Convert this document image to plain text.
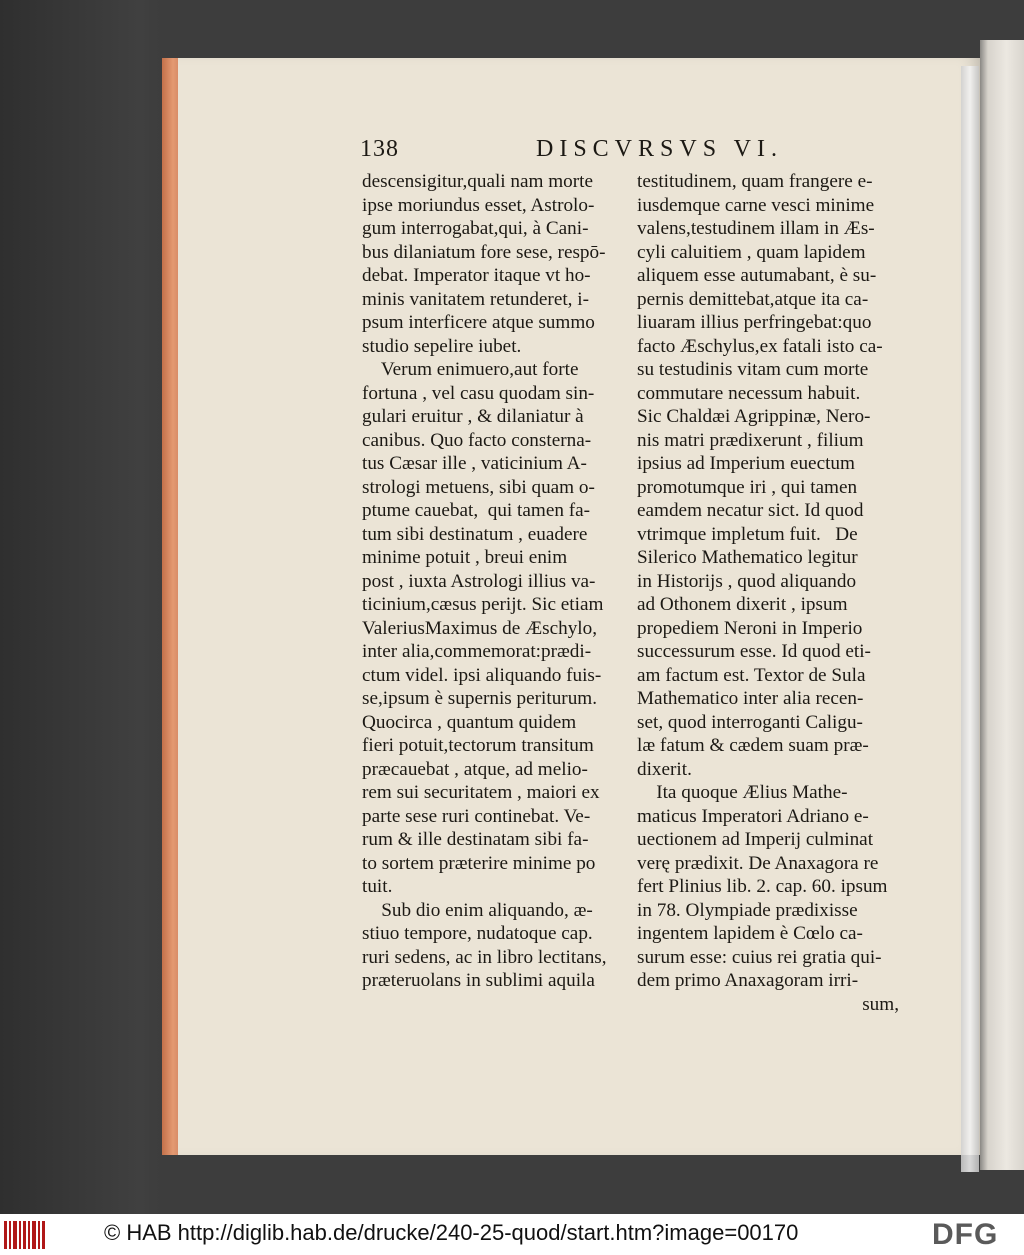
138	DISCVRSVS VI.
descensigitur,quali nam morte
ipse moriundus esset, Astrolo-
gum interrogabat,qui, à Cani-
bus dilaniatum fore sese, respō-
debat. Imperator itaque vt ho-
minis vanitatem retunderet, i-
psum interficere atque summo
studio sepelire iubet.
Verum enimuero,aut forte
fortuna , vel casu quodam sin-
gulari eruitur , & dilaniatur à
canibus. Quo facto consterna-
tus Cæsar ille , vaticinium A-
strologi metuens, sibi quam o-
ptume cauebat,  qui tamen fa-
tum sibi destinatum , euadere
minime potuit , breui enim
post , iuxta Astrologi illius va-
ticinium,cæsus perijt. Sic etiam
ValeriusMaximus de Æschylo,
inter alia,commemorat:prædi-
ctum videl. ipsi aliquando fuis-
se,ipsum è supernis periturum.
Quocirca , quantum quidem
fieri potuit,tectorum transitum
præcauebat , atque, ad melio-
rem sui securitatem , maiori ex
parte sese ruri continebat. Ve-
rum & ille destinatam sibi fa-
to sortem præterire minime po
tuit.
Sub dio enim aliquando, æ-
stiuo tempore, nudatoque cap.
ruri sedens, ac in libro lectitans,
præteruolans in sublimi aquila
testitudinem, quam frangere e-
iusdemque carne vesci minime
valens,testudinem illam in Æs-
cyli caluitiem , quam lapidem
aliquem esse autumabant, è su-
pernis demittebat,atque ita ca-
liuaram illius perfringebat:quo
facto Æschylus,ex fatali isto ca-
su testudinis vitam cum morte
commutare necessum habuit.
Sic Chaldæi Agrippinæ, Nero-
nis matri prædixerunt , filium
ipsius ad Imperium euectum
promotumque iri , qui tamen
eamdem necatur sict. Id quod
vtrimque impletum fuit.   De
Silerico Mathematico legitur
in Historijs , quod aliquando
ad Othonem dixerit , ipsum
propediem Neroni in Imperio
successurum esse. Id quod eti-
am factum est. Textor de Sula
Mathematico inter alia recen-
set, quod interroganti Caligu-
læ fatum & cædem suam præ-
dixerit.
Ita quoque Ælius Mathe-
maticus Imperatori Adriano e-
uectionem ad Imperij culminat
verę prædixit. De Anaxagora re
fert Plinius lib. 2. cap. 60. ipsum
in 78. Olympiade prædixisse
ingentem lapidem è Cœlo ca-
surum esse: cuius rei gratia qui-
dem primo Anaxagoram irri-
sum,
© HAB http://diglib.hab.de/drucke/240-25-quod/start.htm?image=00170	DFG
